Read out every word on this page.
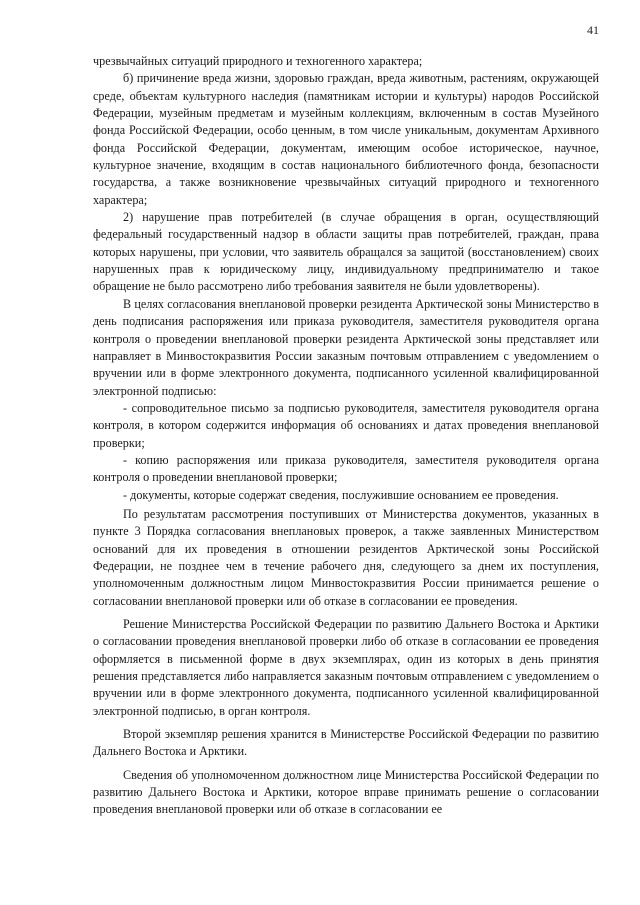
41

чрезвычайных ситуаций природного и техногенного характера;

б) причинение вреда жизни, здоровью граждан, вреда животным, растениям, окружающей среде, объектам культурного наследия (памятникам истории и культуры) народов Российской Федерации, музейным предметам и музейным коллекциям, включенным в состав Музейного фонда Российской Федерации, особо ценным, в том числе уникальным, документам Архивного фонда Российской Федерации, документам, имеющим особое историческое, научное, культурное значение, входящим в состав национального библиотечного фонда, безопасности государства, а также возникновение чрезвычайных ситуаций природного и техногенного характера;

2) нарушение прав потребителей (в случае обращения в орган, осуществляющий федеральный государственный надзор в области защиты прав потребителей, граждан, права которых нарушены, при условии, что заявитель обращался за защитой (восстановлением) своих нарушенных прав к юридическому лицу, индивидуальному предпринимателю и такое обращение не было рассмотрено либо требования заявителя не были удовлетворены).

В целях согласования внеплановой проверки резидента Арктической зоны Министерство в день подписания распоряжения или приказа руководителя, заместителя руководителя органа контроля о проведении внеплановой проверки резидента Арктической зоны представляет или направляет в Минвостокразвития России заказным почтовым отправлением с уведомлением о вручении или в форме электронного документа, подписанного усиленной квалифицированной электронной подписью:

- сопроводительное письмо за подписью руководителя, заместителя руководителя органа контроля, в котором содержится информация об основаниях и датах проведения внеплановой проверки;

- копию распоряжения или приказа руководителя, заместителя руководителя органа контроля о проведении внеплановой проверки;

- документы, которые содержат сведения, послужившие основанием ее проведения.

По результатам рассмотрения поступивших от Министерства документов, указанных в пункте 3 Порядка согласования внеплановых проверок, а также заявленных Министерством оснований для их проведения в отношении резидентов Арктической зоны Российской Федерации, не позднее чем в течение рабочего дня, следующего за днем их поступления, уполномоченным должностным лицом Минвостокразвития России принимается решение о согласовании внеплановой проверки или об отказе в согласовании ее проведения.

Решение Министерства Российской Федерации по развитию Дальнего Востока и Арктики о согласовании проведения внеплановой проверки либо об отказе в согласовании ее проведения оформляется в письменной форме в двух экземплярах, один из которых в день принятия решения представляется либо направляется заказным почтовым отправлением с уведомлением о вручении или в форме электронного документа, подписанного усиленной квалифицированной электронной подписью, в орган контроля.

Второй экземпляр решения хранится в Министерстве Российской Федерации по развитию Дальнего Востока и Арктики.

Сведения об уполномоченном должностном лице Министерства Российской Федерации по развитию Дальнего Востока и Арктики, которое вправе принимать решение о согласовании проведения внеплановой проверки или об отказе в согласовании ее
